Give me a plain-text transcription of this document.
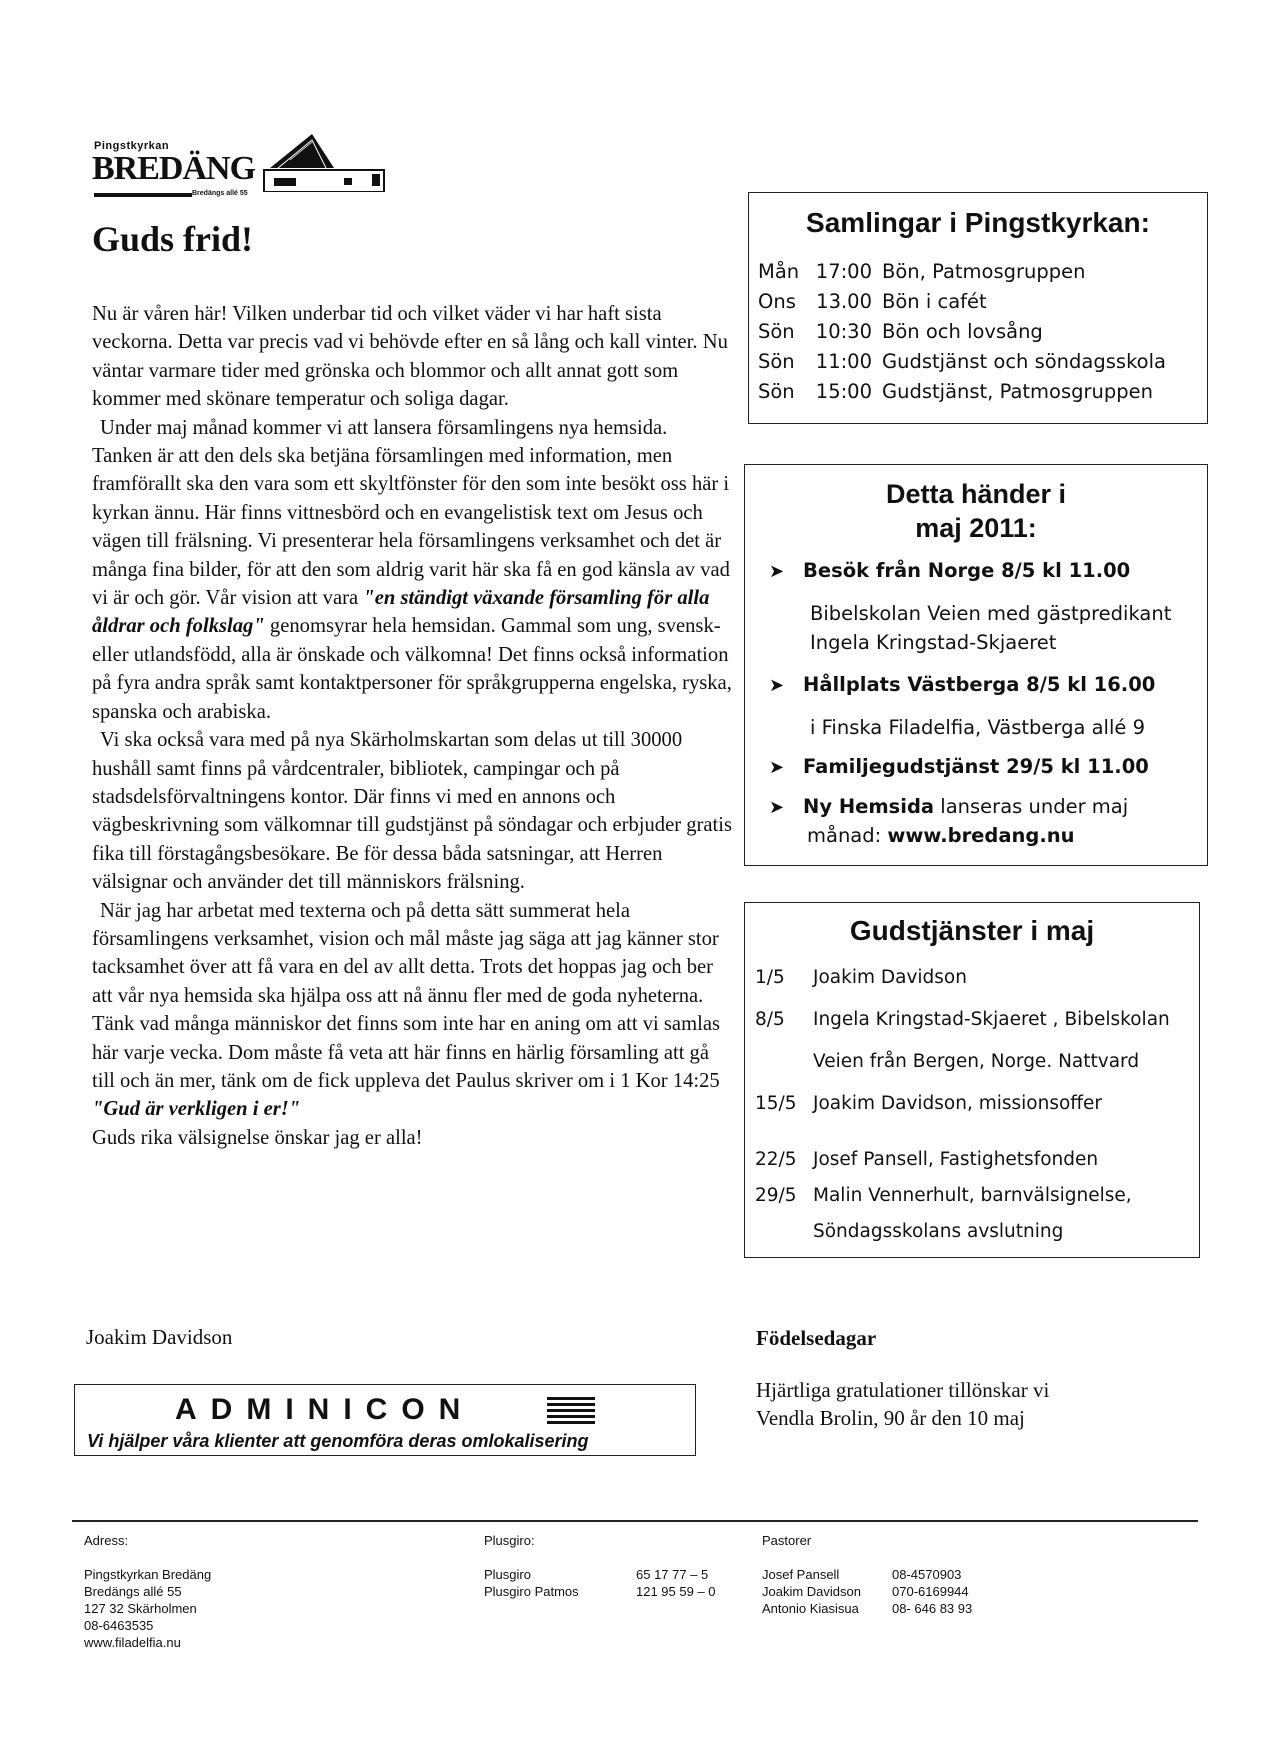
Pingstkyrkan
BREDÄNG
Bredängs allé 55
Guds frid!

Nu är våren här! Vilken underbar tid och vilket väder vi har haft sista veckorna. Detta var precis vad vi behövde efter en så lång och kall vinter. Nu väntar varmare tider med grönska och blommor och allt annat gott som kommer med skönare temperatur och soliga dagar.

Under maj månad kommer vi att lansera församlingens nya hemsida. Tanken är att den dels ska betjäna församlingen med information, men framförallt ska den vara som ett skyltfönster för den som inte besökt oss här i kyrkan ännu. Här finns vittnesbörd och en evangelistisk text om Jesus och vägen till frälsning. Vi presenterar hela församlingens verksamhet och det är många fina bilder, för att den som aldrig varit här ska få en god känsla av vad vi är och gör. Vår vision att vara "en ständigt växande församling för alla åldrar och folkslag" genomsyrar hela hemsidan. Gammal som ung, svensk- eller utlandsfödd, alla är önskade och välkomna! Det finns också information på fyra andra språk samt kontaktpersoner för språkgrupperna engelska, ryska, spanska och arabiska.

Vi ska också vara med på nya Skärholmskartan som delas ut till 30000 hushåll samt finns på vårdcentraler, bibliotek, campingar och på stadsdelsförvaltningens kontor. Där finns vi med en annons och vägbeskrivning som välkomnar till gudstjänst på söndagar och erbjuder gratis fika till förstagångsbesökare. Be för dessa båda satsningar, att Herren välsignar och använder det till människors frälsning.

När jag har arbetat med texterna och på detta sätt summerat hela församlingens verksamhet, vision och mål måste jag säga att jag känner stor tacksamhet över att få vara en del av allt detta. Trots det hoppas jag och ber att vår nya hemsida ska hjälpa oss att nå ännu fler med de goda nyheterna. Tänk vad många människor det finns som inte har en aning om att vi samlas här varje vecka. Dom måste få veta att här finns en härlig församling att gå till och än mer, tänk om de fick uppleva det Paulus skriver om i 1 Kor 14:25 "Gud är verkligen i er!"

Guds rika välsignelse önskar jag er alla!

Joakim Davidson
Samlingar i Pingstkyrkan:
Mån 17:00 Bön, Patmosgruppen
Ons	13.00 Bön i cafét
Sön	10:30 Bön och lovsång
Sön	11:00 Gudstjänst och söndagsskola
Sön	15:00 Gudstjänst, Patmosgruppen
Detta händer i
maj 2011:
➤ Besök från Norge 8/5 kl 11.00
Bibelskolan Veien med gästpredikant Ingela Kringstad-Skjaeret
➤ Hållplats Västberga 8/5 kl 16.00
i Finska Filadelfia, Västberga allé 9
➤ Familjegudstjänst 29/5 kl 11.00
➤ Ny Hemsida lanseras under maj
månad: www.bredang.nu
Gudstjänster i maj
1/5 Joakim Davidson
8/5 Ingela Kringstad-Skjaeret , Bibelskolan
Veien från Bergen, Norge. Nattvard
15/5 Joakim Davidson, missionsoffer
22/5 Josef Pansell, Fastighetsfonden
29/5 Malin Vennerhult, barnvälsignelse,
Söndagsskolans avslutning
Födelsedagar
Hjärtliga gratulationer tillönskar vi
Vendla Brolin, 90 år den 10 maj
ADMINICON
Vi hjälper våra klienter att genomföra deras omlokalisering
Adress:
Pingstkyrkan Bredäng
Bredängs allé 55
127 32 Skärholmen
08-6463535
www.filadelfia.nu
Plusgiro:
Plusgiro	65 17 77 – 5
Plusgiro Patmos	121 95 59 – 0
Pastorer
Josef Pansell	08-4570903
Joakim Davidson	070-6169944
Antonio Kiasisua	08- 646 83 93
